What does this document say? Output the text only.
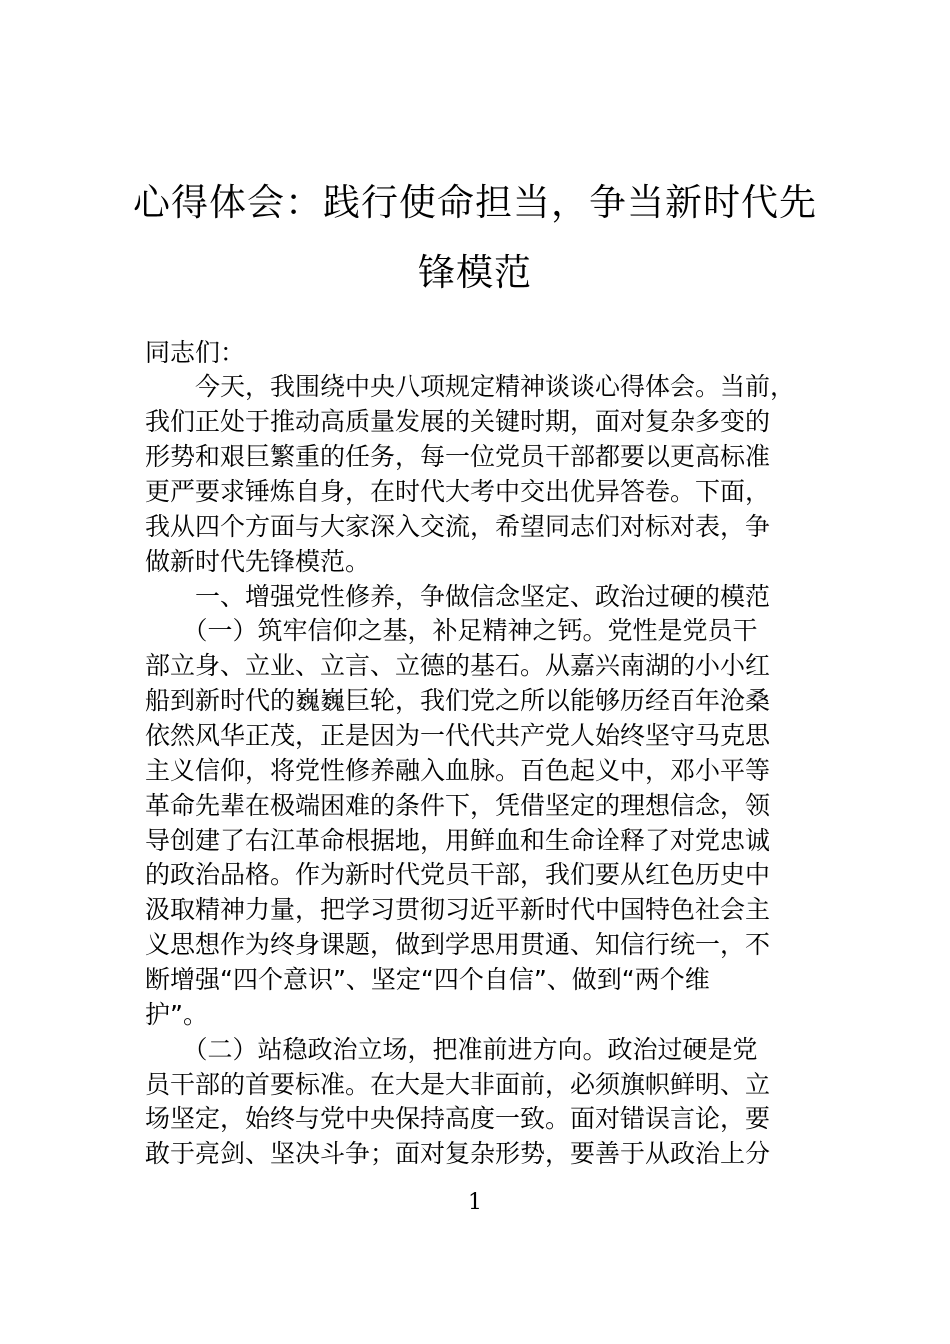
心得体会：践行使命担当，争当新时代先
锋模范

同志们：

　　今天，我围绕中央八项规定精神谈谈心得体会。当前，

我们正处于推动高质量发展的关键时期，面对复杂多变的

形势和艰巨繁重的任务，每一位党员干部都要以更高标准

更严要求锤炼自身，在时代大考中交出优异答卷。下面，

我从四个方面与大家深入交流，希望同志们对标对表，争

做新时代先锋模范。

　　一、增强党性修养，争做信念坚定、政治过硬的模范

　　（一）筑牢信仰之基，补足精神之钙。党性是党员干

部立身、立业、立言、立德的基石。从嘉兴南湖的小小红

船到新时代的巍巍巨轮，我们党之所以能够历经百年沧桑

依然风华正茂，正是因为一代代共产党人始终坚守马克思

主义信仰，将党性修养融入血脉。百色起义中，邓小平等

革命先辈在极端困难的条件下，凭借坚定的理想信念，领

导创建了右江革命根据地，用鲜血和生命诠释了对党忠诚

的政治品格。作为新时代党员干部，我们要从红色历史中

汲取精神力量，把学习贯彻习近平新时代中国特色社会主

义思想作为终身课题，做到学思用贯通、知信行统一，不

断增强“四个意识”、坚定“四个自信”、做到“两个维

护”。

　　（二）站稳政治立场，把准前进方向。政治过硬是党

员干部的首要标准。在大是大非面前，必须旗帜鲜明、立

场坚定，始终与党中央保持高度一致。面对错误言论，要

敢于亮剑、坚决斗争；面对复杂形势，要善于从政治上分

1
